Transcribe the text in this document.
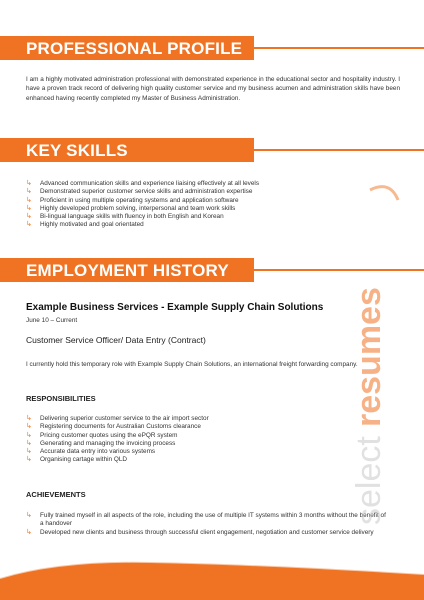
PROFESSIONAL PROFILE
I am a highly motivated administration professional with demonstrated experience in the educational sector and hospitality industry. I have a proven track record of delivering high quality customer service and my business acumen and administration skills have been enhanced having recently completed my Master of Business Administration.
KEY SKILLS
↳ Advanced communication skills and experience liaising effectively at all levels
↳ Demonstrated superior customer service skills and administration expertise
↳ Proficient in using multiple operating systems and application software
↳ Highly developed problem solving, interpersonal and team work skills
↳ Bi-lingual language skills with fluency in both English and Korean
↳ Highly motivated and goal orientated
EMPLOYMENT HISTORY
Example Business Services - Example Supply Chain Solutions
June 10 – Current
Customer Service Officer/ Data Entry (Contract)
I currently hold this temporary role with Example Supply Chain Solutions, an international freight forwarding company.
RESPONSIBILITIES
↳ Delivering superior customer service to the air import sector
↳ Registering documents for Australian Customs clearance
↳ Pricing customer quotes using the ePQR system
↳ Generating and managing the invoicing process
↳ Accurate data entry into various systems
↳ Organising cartage within QLD
ACHIEVEMENTS
↳ Fully trained myself in all aspects of the role, including the use of multiple IT systems within 3 months without the benefit of a handover
↳ Developed new clients and business through successful client engagement, negotiation and customer service delivery
select
resumes
